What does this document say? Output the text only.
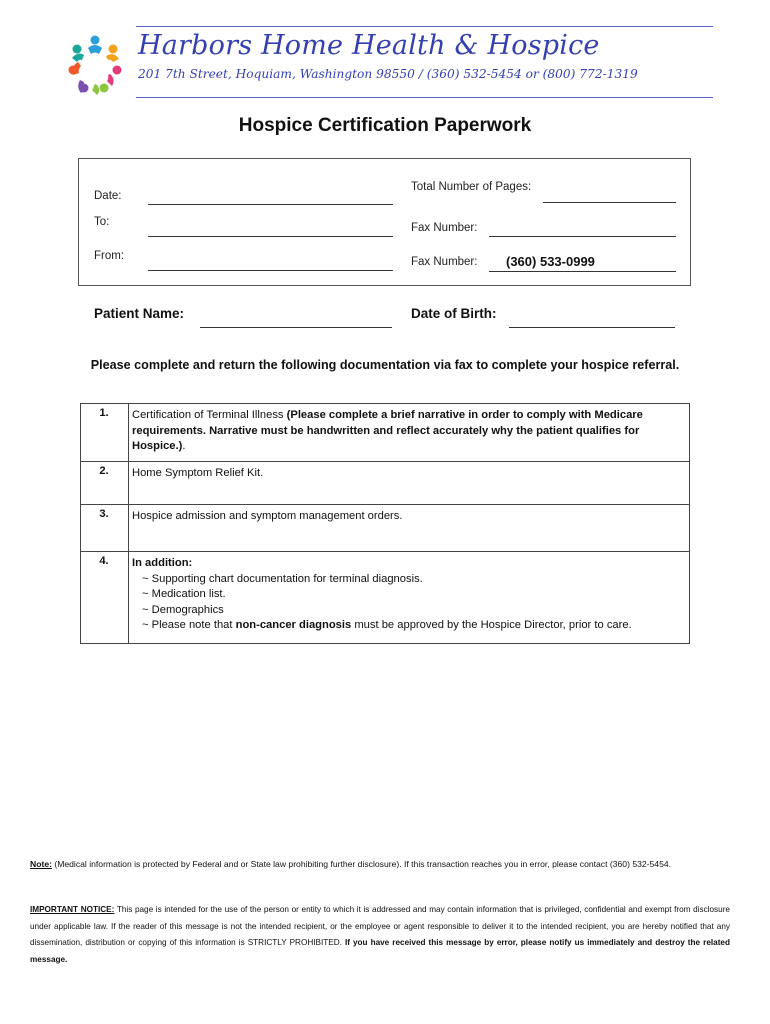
Harbors Home Health & Hospice
201 7th Street, Hoquiam, Washington 98550 / (360) 532-5454 or (800) 772-1319
Hospice Certification Paperwork
Date:
To:
From:
Total Number of Pages:
Fax Number:
Fax Number: (360) 533-0999
Patient Name:	Date of Birth:
Please complete and return the following documentation via fax to complete your hospice referral.
1.	Certification of Terminal Illness (Please complete a brief narrative in order to comply with Medicare requirements. Narrative must be handwritten and reflect accurately why the patient qualifies for Hospice.).
2.	Home Symptom Relief Kit.
3.	Hospice admission and symptom management orders.
4.	In addition:
~ Supporting chart documentation for terminal diagnosis.
~ Medication list.
~ Demographics
~ Please note that non-cancer diagnosis must be approved by the Hospice Director, prior to care.
Note: (Medical information is protected by Federal and or State law prohibiting further disclosure). If this transaction reaches you in error, please contact (360) 532-5454.
IMPORTANT NOTICE: This page is intended for the use of the person or entity to which it is addressed and may contain information that is privileged, confidential and exempt from disclosure under applicable law. If the reader of this message is not the intended recipient, or the employee or agent responsible to deliver it to the intended recipient, you are hereby notified that any dissemination, distribution or copying of this information is STRICTLY PROHIBITED. If you have received this message by error, please notify us immediately and destroy the related message.
